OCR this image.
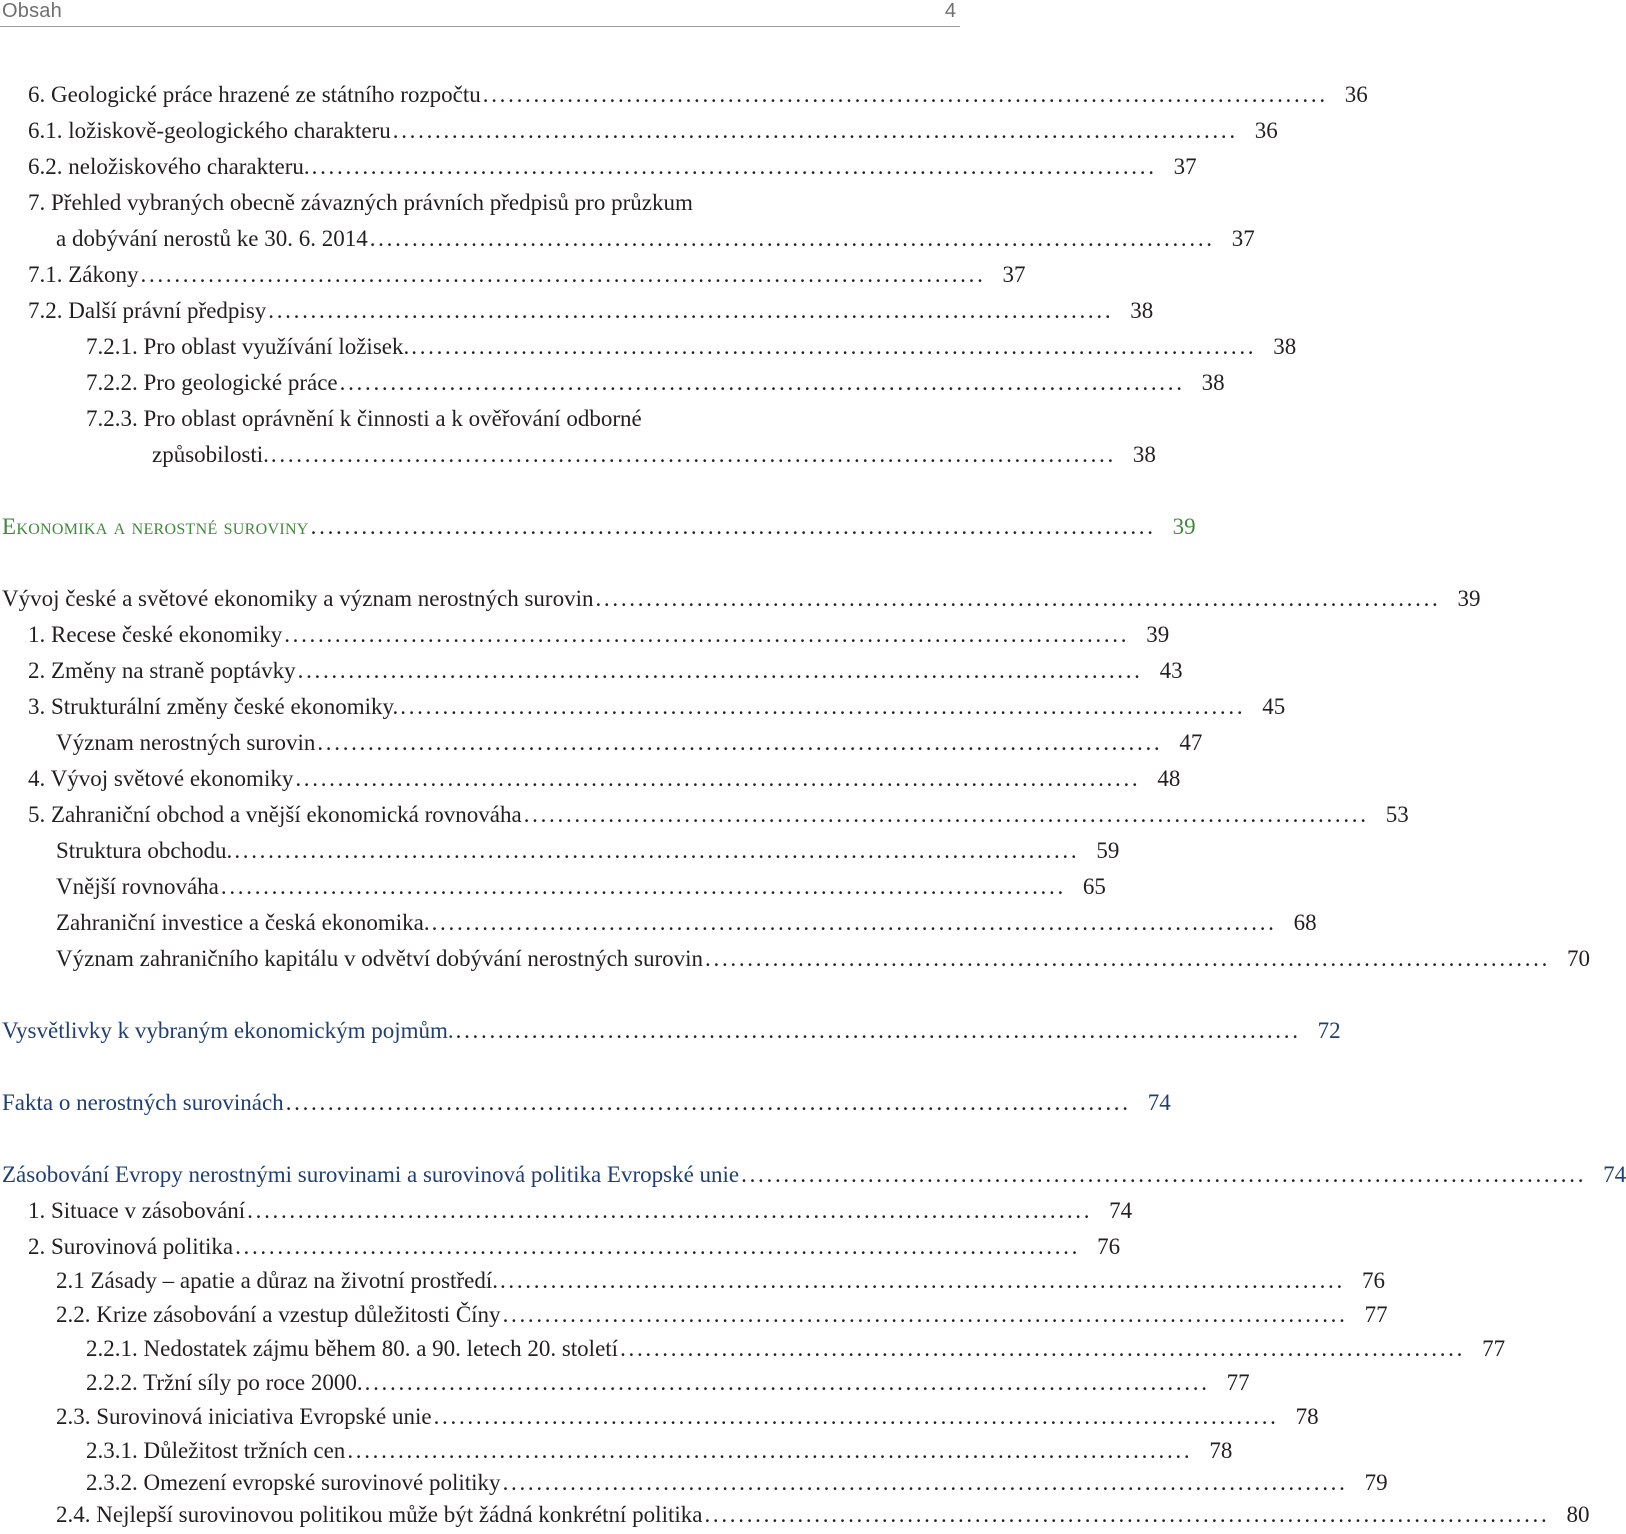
Obsah	4
6. Geologické práce hrazené ze státního rozpočtu .................................................................................................... 36
6.1. ložiskově-geologického charakteru .................................................................................................... 36
6.2. neložiskového charakteru. .................................................................................................... 37
7. Přehled vybraných obecně závazných právních předpisů pro průzkum
a dobývání nerostů ke 30. 6. 2014 .................................................................................................... 37
7.1. Zákony .................................................................................................... 37
7.2. Další právní předpisy .................................................................................................... 38
7.2.1. Pro oblast využívání ložisek. .................................................................................................... 38
7.2.2. Pro geologické práce .................................................................................................... 38
7.2.3. Pro oblast oprávnění k činnosti a k ověřování odborné
způsobilosti. .................................................................................................... 38
Ekonomika a nerostné suroviny .................................................................................................... 39
Vývoj české a světové ekonomiky a význam nerostných surovin .................................................................................................... 39
1. Recese české ekonomiky .................................................................................................... 39
2. Změny na straně poptávky .................................................................................................... 43
3. Strukturální změny české ekonomiky. .................................................................................................... 45
Význam nerostných surovin .................................................................................................... 47
4. Vývoj světové ekonomiky .................................................................................................... 48
5. Zahraniční obchod a vnější ekonomická rovnováha .................................................................................................... 53
Struktura obchodu. .................................................................................................... 59
Vnější rovnováha .................................................................................................... 65
Zahraniční investice a česká ekonomika. .................................................................................................... 68
Význam zahraničního kapitálu v odvětví dobývání nerostných surovin .................................................................................................... 70
Vysvětlivky k vybraným ekonomickým pojmům. .................................................................................................... 72
Fakta o nerostných surovinách .................................................................................................... 74
Zásobování Evropy nerostnými surovinami a surovinová politika Evropské unie .................................................................................................... 74
1. Situace v zásobování .................................................................................................... 74
2. Surovinová politika .................................................................................................... 76
2.1 Zásady – apatie a důraz na životní prostředí. .................................................................................................... 76
2.2. Krize zásobování a vzestup důležitosti Číny .................................................................................................... 77
2.2.1. Nedostatek zájmu během 80. a 90. letech 20. století .................................................................................................... 77
2.2.2. Tržní síly po roce 2000. .................................................................................................... 77
2.3. Surovinová iniciativa Evropské unie .................................................................................................... 78
2.3.1. Důležitost tržních cen .................................................................................................... 78
2.3.2. Omezení evropské surovinové politiky .................................................................................................... 79
2.4. Nejlepší surovinovou politikou může být žádná konkrétní politika .................................................................................................... 80
